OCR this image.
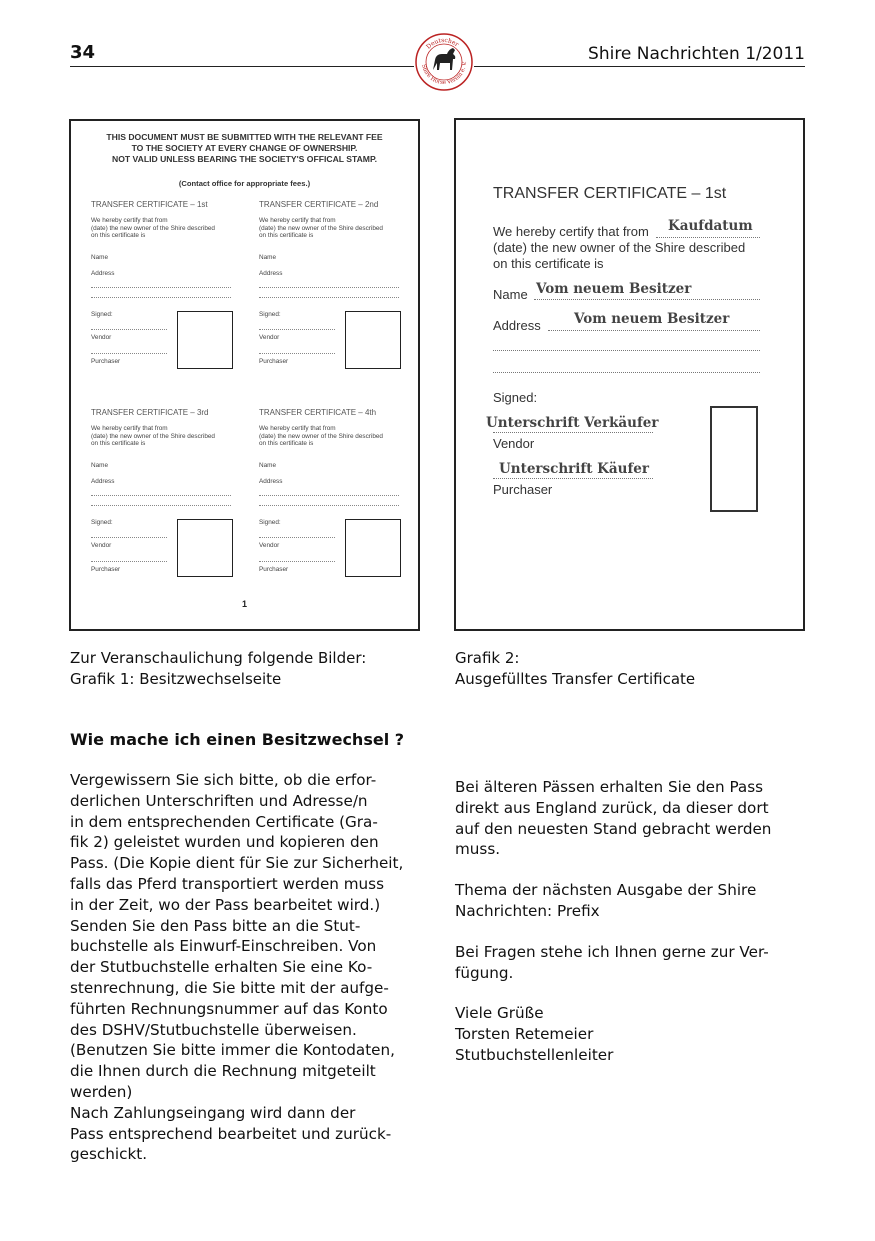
34	Shire Nachrichten 1/2011
Deutscher
Shire Horse Verein e. V.
THIS DOCUMENT MUST BE SUBMITTED WITH THE RELEVANT FEE
TO THE SOCIETY AT EVERY CHANGE OF OWNERSHIP.
NOT VALID UNLESS BEARING THE SOCIETY'S OFFICAL STAMP.
(Contact office for appropriate fees.)
TRANSFER CERTIFICATE – 1st
We hereby certify that from
(date) the new owner of the Shire described
on this certificate is
Name
Address
Signed:
Vendor
Purchaser
TRANSFER CERTIFICATE – 2nd
We hereby certify that from
(date) the new owner of the Shire described
on this certificate is
Name
Address
Signed:
Vendor
Purchaser
TRANSFER CERTIFICATE – 3rd
We hereby certify that from
(date) the new owner of the Shire described
on this certificate is
Name
Address
Signed:
Vendor
Purchaser
TRANSFER CERTIFICATE – 4th
We hereby certify that from
(date) the new owner of the Shire described
on this certificate is
Name
Address
Signed:
Vendor
Purchaser
1
TRANSFER CERTIFICATE – 1st
We hereby certify that from Kaufdatum
(date) the new owner of the Shire described
on this certificate is
Name Vom neuem Besitzer
Address Vom neuem Besitzer
Signed:
Unterschrift Verkäufer
Vendor
Unterschrift Käufer
Purchaser
Zur Veranschaulichung folgende Bilder:
Grafik 1: Besitzwechselseite
Grafik 2:
Ausgefülltes Transfer Certificate
Wie mache ich einen Besitzwechsel ?
Vergewissern Sie sich bitte, ob die erfor-
derlichen Unterschriften und Adresse/n
in dem entsprechenden Certificate (Gra-
fik 2) geleistet wurden und kopieren den
Pass. (Die Kopie dient für Sie zur Sicherheit,
falls das Pferd transportiert werden muss
in der Zeit, wo der Pass bearbeitet wird.)
Senden Sie den Pass bitte an die Stut-
buchstelle als Einwurf-Einschreiben. Von
der Stutbuchstelle erhalten Sie eine Ko-
stenrechnung, die Sie bitte mit der aufge-
führten Rechnungsnummer auf das Konto
des DSHV/Stutbuchstelle überweisen.
(Benutzen Sie bitte immer die Kontodaten,
die Ihnen durch die Rechnung mitgeteilt
werden)
Nach Zahlungseingang wird dann der
Pass entsprechend bearbeitet und zurück-
geschickt.
Bei älteren Pässen erhalten Sie den Pass
direkt aus England zurück, da dieser dort
auf den neuesten Stand gebracht werden
muss.
Thema der nächsten Ausgabe der Shire
Nachrichten: Prefix
Bei Fragen stehe ich Ihnen gerne zur Ver-
fügung.
Viele Grüße
Torsten Retemeier
Stutbuchstellenleiter
